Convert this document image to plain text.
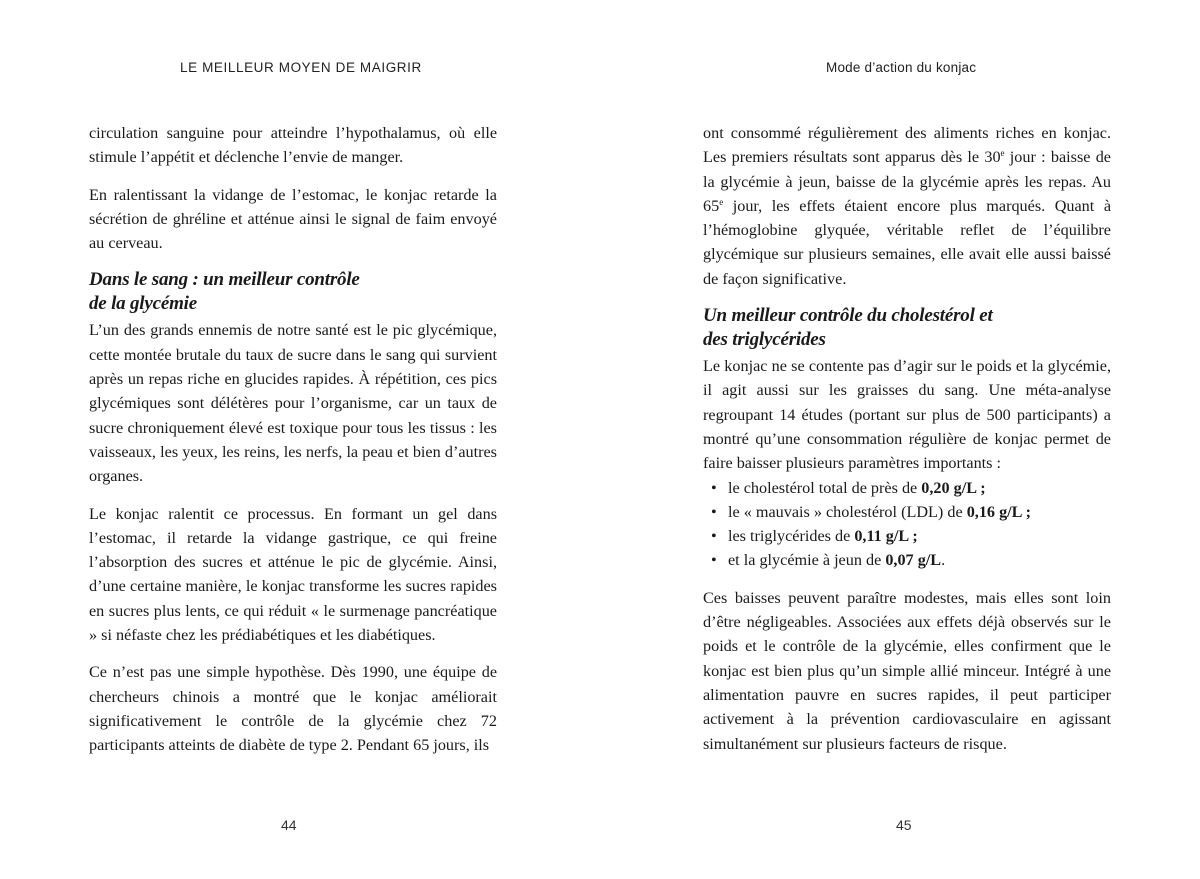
LE MEILLEUR MOYEN DE MAIGRIR

circulation sanguine pour atteindre l’hypothalamus, où elle stimule l’appétit et déclenche l’envie de manger.

En ralentissant la vidange de l’estomac, le konjac retarde la sécrétion de ghréline et atténue ainsi le signal de faim envoyé au cerveau.

Dans le sang : un meilleur contrôle
de la glycémie

L’un des grands ennemis de notre santé est le pic glycémique, cette montée brutale du taux de sucre dans le sang qui survient après un repas riche en glucides rapides. À répétition, ces pics glycémiques sont délétères pour l’organisme, car un taux de sucre chroniquement élevé est toxique pour tous les tissus : les vaisseaux, les yeux, les reins, les nerfs, la peau et bien d’autres organes.

Le konjac ralentit ce processus. En formant un gel dans l’estomac, il retarde la vidange gastrique, ce qui freine l’absorption des sucres et atténue le pic de glycémie. Ainsi, d’une certaine manière, le konjac transforme les sucres rapides en sucres plus lents, ce qui réduit « le surmenage pancréatique » si néfaste chez les prédiabétiques et les diabétiques.

Ce n’est pas une simple hypothèse. Dès 1990, une équipe de chercheurs chinois a montré que le konjac améliorait significativement le contrôle de la glycémie chez 72 participants atteints de diabète de type 2. Pendant 65 jours, ils

44
Mode d’action du konjac

ont consommé régulièrement des aliments riches en konjac. Les premiers résultats sont apparus dès le 30e jour : baisse de la glycémie à jeun, baisse de la glycémie après les repas. Au 65e jour, les effets étaient encore plus marqués. Quant à l’hémoglobine glyquée, véritable reflet de l’équilibre glycémique sur plusieurs semaines, elle avait elle aussi baissé de façon significative.

Un meilleur contrôle du cholestérol et
des triglycérides

Le konjac ne se contente pas d’agir sur le poids et la glycémie, il agit aussi sur les graisses du sang. Une méta-analyse regroupant 14 études (portant sur plus de 500 participants) a montré qu’une consommation régulière de konjac permet de faire baisser plusieurs paramètres importants :

• le cholestérol total de près de 0,20 g/L ;
• le « mauvais » cholestérol (LDL) de 0,16 g/L ;
• les triglycérides de 0,11 g/L ;
• et la glycémie à jeun de 0,07 g/L.

Ces baisses peuvent paraître modestes, mais elles sont loin d’être négligeables. Associées aux effets déjà observés sur le poids et le contrôle de la glycémie, elles confirment que le konjac est bien plus qu’un simple allié minceur. Intégré à une alimentation pauvre en sucres rapides, il peut participer activement à la prévention cardiovasculaire en agissant simultanément sur plusieurs facteurs de risque.

45
